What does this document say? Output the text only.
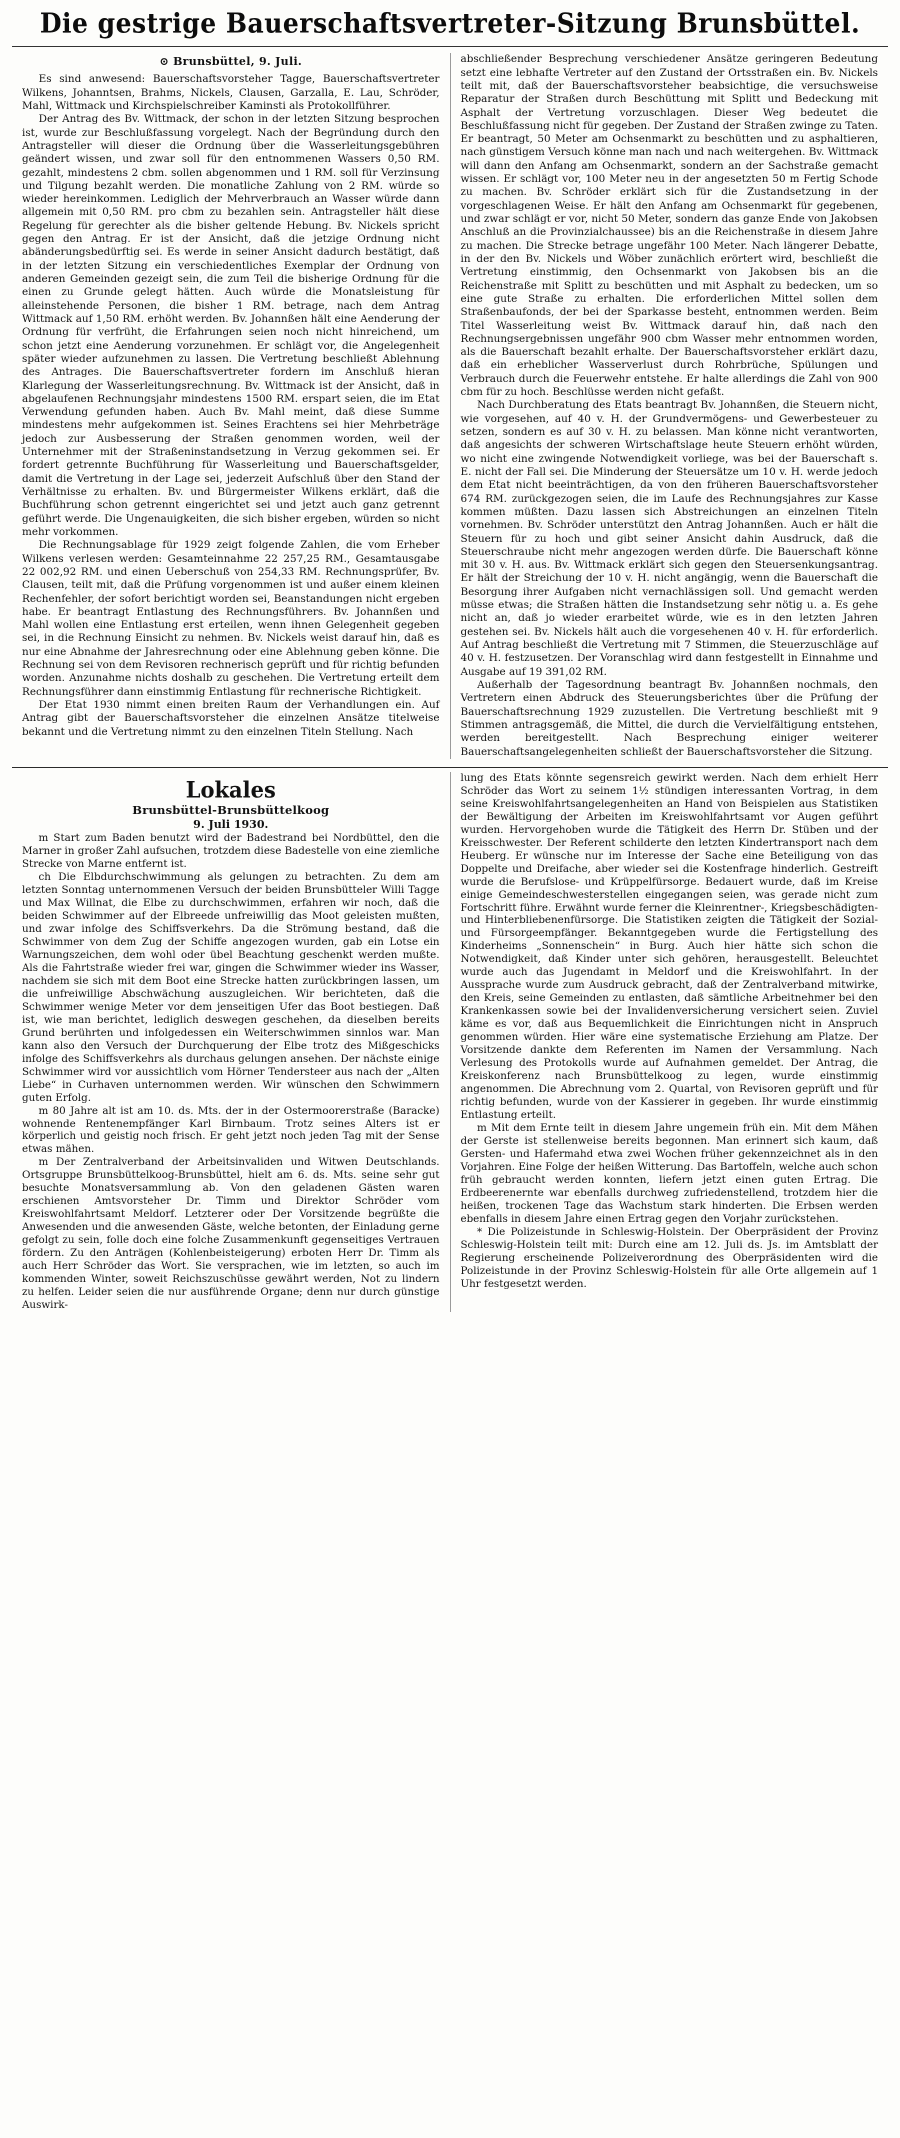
Die gestrige Bauerschaftsvertreter-Sitzung Brunsbüttel.
⊙ Brunsbüttel, 9. Juli.

Es sind anwesend: Bauerschaftsvorsteher Tagge, Bauerschaftsvertreter Wilkens, Johanntsen, Brahms, Nickels, Clausen, Garzalla, E. Lau, Schröder, Mahl, Wittmack und Kirchspielschreiber Kaminsti als Protokollführer.

Der Antrag des Bv. Wittmack, der schon in der letzten Sitzung besprochen ist, wurde zur Beschlußfassung vorgelegt. Nach der Begründung durch den Antragsteller will dieser die Ordnung über die Wasserleitungsgebühren geändert wissen, und zwar soll für den entnommenen Wassers 0,50 RM. gezahlt, mindestens 2 cbm. sollen abgenommen und 1 RM. soll für Verzinsung und Tilgung bezahlt werden. Die monatliche Zahlung von 2 RM. würde so wieder hereinkommen. Lediglich der Mehrverbrauch an Wasser würde dann allgemein mit 0,50 RM. pro cbm zu bezahlen sein. Antragsteller hält diese Regelung für gerechter als die bisher geltende Hebung. Bv. Nickels spricht gegen den Antrag. Er ist der Ansicht, daß die jetzige Ordnung nicht abänderungsbedürftig sei. Es werde in seiner Ansicht dadurch bestätigt, daß in der letzten Sitzung ein verschiedentliches Exemplar der Ordnung von anderen Gemeinden gezeigt sein, die zum Teil die bisherige Ordnung für die einen zu Grunde gelegt hätten. Auch würde die Monatsleistung für alleinstehende Personen, die bisher 1 RM. betrage, nach dem Antrag Wittmack auf 1,50 RM. erhöht werden. Bv. Johannßen hält eine Aenderung der Ordnung für verfrüht, die Erfahrungen seien noch nicht hinreichend, um schon jetzt eine Aenderung vorzunehmen. Er schlägt vor, die Angelegenheit später wieder aufzunehmen zu lassen. Die Vertretung beschließt Ablehnung des Antrages. Die Bauerschaftsvertreter fordern im Anschluß hieran Klarlegung der Wasserleitungsrechnung. Bv. Wittmack ist der Ansicht, daß in abgelaufenen Rechnungsjahr mindestens 1500 RM. erspart seien, die im Etat Verwendung gefunden haben. Auch Bv. Mahl meint, daß diese Summe mindestens mehr aufgekommen ist. Seines Erachtens sei hier Mehrbeträge jedoch zur Ausbesserung der Straßen genommen worden, weil der Unternehmer mit der Straßeninstandsetzung in Verzug gekommen sei. Er fordert getrennte Buchführung für Wasserleitung und Bauerschaftsgelder, damit die Vertretung in der Lage sei, jederzeit Aufschluß über den Stand der Verhältnisse zu erhalten. Bv. und Bürgermeister Wilkens erklärt, daß die Buchführung schon getrennt eingerichtet sei und jetzt auch ganz getrennt geführt werde. Die Ungenauigkeiten, die sich bisher ergeben, würden so nicht mehr vorkommen.

Die Rechnungsablage für 1929 zeigt folgende Zahlen, die vom Erheber Wilkens verlesen werden: Gesamteinnahme 22 257,25 RM., Gesamtausgabe 22 002,92 RM. und einen Ueberschuß von 254,33 RM. Rechnungsprüfer, Bv. Clausen, teilt mit, daß die Prüfung vorgenommen ist und außer einem kleinen Rechenfehler, der sofort berichtigt worden sei, Beanstandungen nicht ergeben habe. Er beantragt Entlastung des Rechnungsführers. Bv. Johannßen und Mahl wollen eine Entlastung erst erteilen, wenn ihnen Gelegenheit gegeben sei, in die Rechnung Einsicht zu nehmen. Bv. Nickels weist darauf hin, daß es nur eine Abnahme der Jahresrechnung oder eine Ablehnung geben könne. Die Rechnung sei von dem Revisoren rechnerisch geprüft und für richtig befunden worden. Anzunahme nichts doshalb zu geschehen. Die Vertretung erteilt dem Rechnungsführer dann einstimmig Entlastung für rechnerische Richtigkeit.

Der Etat 1930 nimmt einen breiten Raum der Verhandlungen ein. Auf Antrag gibt der Bauerschaftsvorsteher die einzelnen Ansätze titelweise bekannt und die Vertretung nimmt zu den einzelnen Titeln Stellung. Nach

abschließender Besprechung verschiedener Ansätze geringeren Bedeutung setzt eine lebhafte Vertreter auf den Zustand der Ortsstraßen ein. Bv. Nickels teilt mit, daß der Bauerschaftsvorsteher beabsichtige, die versuchsweise Reparatur der Straßen durch Beschüttung mit Splitt und Bedeckung mit Asphalt der Vertretung vorzuschlagen. Dieser Weg bedeutet die Beschlußfassung nicht für gegeben. Der Zustand der Straßen zwinge zu Taten. Er beantragt, 50 Meter am Ochsenmarkt zu beschütten und zu asphaltieren, nach günstigem Versuch könne man nach und nach weitergehen. Bv. Wittmack will dann den Anfang am Ochsenmarkt, sondern an der Sachstraße gemacht wissen. Er schlägt vor, 100 Meter neu in der angesetzten 50 m Fertig Schode zu machen. Bv. Schröder erklärt sich für die Zustandsetzung in der vorgeschlagenen Weise. Er hält den Anfang am Ochsenmarkt für gegebenen, und zwar schlägt er vor, nicht 50 Meter, sondern das ganze Ende von Jakobsen Anschluß an die Provinzialchaussee) bis an die Reichenstraße in diesem Jahre zu machen. Die Strecke betrage ungefähr 100 Meter. Nach längerer Debatte, in der den Bv. Nickels und Wöber zunächlich erörtert wird, beschließt die Vertretung einstimmig, den Ochsenmarkt von Jakobsen bis an die Reichenstraße mit Splitt zu beschütten und mit Asphalt zu bedecken, um so eine gute Straße zu erhalten. Die erforderlichen Mittel sollen dem Straßenbaufonds, der bei der Sparkasse besteht, entnommen werden. Beim Titel Wasserleitung weist Bv. Wittmack darauf hin, daß nach den Rechnungsergebnissen ungefähr 900 cbm Wasser mehr entnommen worden, als die Bauerschaft bezahlt erhalte. Der Bauerschaftsvorsteher erklärt dazu, daß ein erheblicher Wasserverlust durch Rohrbrüche, Spülungen und Verbrauch durch die Feuerwehr entstehe. Er halte allerdings die Zahl von 900 cbm für zu hoch. Beschlüsse werden nicht gefaßt.

Nach Durchberatung des Etats beantragt Bv. Johannßen, die Steuern nicht, wie vorgesehen, auf 40 v. H. der Grundvermögens- und Gewerbesteuer zu setzen, sondern es auf 30 v. H. zu belassen. Man könne nicht verantworten, daß angesichts der schweren Wirtschaftslage heute Steuern erhöht würden, wo nicht eine zwingende Notwendigkeit vorliege, was bei der Bauerschaft s. E. nicht der Fall sei. Die Minderung der Steuersätze um 10 v. H. werde jedoch dem Etat nicht beeinträchtigen, da von den früheren Bauerschaftsvorsteher 674 RM. zurückgezogen seien, die im Laufe des Rechnungsjahres zur Kasse kommen müßten. Dazu lassen sich Abstreichungen an einzelnen Titeln vornehmen. Bv. Schröder unterstützt den Antrag Johannßen. Auch er hält die Steuern für zu hoch und gibt seiner Ansicht dahin Ausdruck, daß die Steuerschraube nicht mehr angezogen werden dürfe. Die Bauerschaft könne mit 30 v. H. aus. Bv. Wittmack erklärt sich gegen den Steuersenkungsantrag. Er hält der Streichung der 10 v. H. nicht angängig, wenn die Bauerschaft die Besorgung ihrer Aufgaben nicht vernachlässigen soll. Und gemacht werden müsse etwas; die Straßen hätten die Instandsetzung sehr nötig u. a. Es gehe nicht an, daß jo wieder erarbeitet würde, wie es in den letzten Jahren gestehen sei. Bv. Nickels hält auch die vorgesehenen 40 v. H. für erforderlich. Auf Antrag beschließt die Vertretung mit 7 Stimmen, die Steuerzuschläge auf 40 v. H. festzusetzen. Der Voranschlag wird dann festgestellt in Einnahme und Ausgabe auf 19 391,02 RM.

Außerhalb der Tagesordnung beantragt Bv. Johannßen nochmals, den Vertretern einen Abdruck des Steuerungsberichtes über die Prüfung der Bauerschaftsrechnung 1929 zuzustellen. Die Vertretung beschließt mit 9 Stimmen antragsgemäß, die Mittel, die durch die Vervielfältigung entstehen, werden bereitgestellt. Nach Besprechung einiger weiterer Bauerschaftsangelegenheiten schließt der Bauerschaftsvorsteher die Sitzung.

Lokales
Brunsbüttel-Brunsbüttelkoog
9. Juli 1930.

m Start zum Baden benutzt wird der Badestrand bei Nordbüttel, den die Marner in großer Zahl aufsuchen, trotzdem diese Badestelle von eine ziemliche Strecke von Marne entfernt ist.

ch Die Elbdurchschwimmung als gelungen zu betrachten. Zu dem am letzten Sonntag unternommenen Versuch der beiden Brunsbütteler Willi Tagge und Max Willnat, die Elbe zu durchschwimmen, erfahren wir noch, daß die beiden Schwimmer auf der Elbreede unfreiwillig das Moot geleisten mußten, und zwar infolge des Schiffsverkehrs. Da die Strömung bestand, daß die Schwimmer von dem Zug der Schiffe angezogen wurden, gab ein Lotse ein Warnungszeichen, dem wohl oder übel Beachtung geschenkt werden mußte. Als die Fahrtstraße wieder frei war, gingen die Schwimmer wieder ins Wasser, nachdem sie sich mit dem Boot eine Strecke hatten zurückbringen lassen, um die unfreiwillige Abschwächung auszugleichen. Wir berichteten, daß die Schwimmer wenige Meter vor dem jenseitigen Ufer das Boot bestiegen. Daß ist, wie man berichtet, lediglich deswegen geschehen, da dieselben bereits Grund berührten und infolgedessen ein Weiterschwimmen sinnlos war. Man kann also den Versuch der Durchquerung der Elbe trotz des Mißgeschicks infolge des Schiffsverkehrs als durchaus gelungen ansehen. Der nächste einige Schwimmer wird vor aussichtlich vom Hörner Tendersteer aus nach der „Alten Liebe“ in Curhaven unternommen werden. Wir wünschen den Schwimmern guten Erfolg.

m 80 Jahre alt ist am 10. ds. Mts. der in der Ostermoorerstraße (Baracke) wohnende Rentenempfänger Karl Birnbaum. Trotz seines Alters ist er körperlich und geistig noch frisch. Er geht jetzt noch jeden Tag mit der Sense etwas mähen.

m Der Zentralverband der Arbeitsinvaliden und Witwen Deutschlands. Ortsgruppe Brunsbüttelkoog-Brunsbüttel, hielt am 6. ds. Mts. seine sehr gut besuchte Monatsversammlung ab. Von den geladenen Gästen waren erschienen Amtsvorsteher Dr. Timm und Direktor Schröder vom Kreiswohlfahrtsamt Meldorf. Letzterer oder Der Vorsitzende begrüßte die Anwesenden und die anwesenden Gäste, welche betonten, der Einladung gerne gefolgt zu sein, folle doch eine folche Zusammenkunft gegenseitiges Vertrauen fördern. Zu den Anträgen (Kohlenbeisteigerung) erboten Herr Dr. Timm als auch Herr Schröder das Wort. Sie versprachen, wie im letzten, so auch im kommenden Winter, soweit Reichszuschüsse gewährt werden, Not zu lindern zu helfen. Leider seien die nur ausführende Organe; denn nur durch günstige Auswirk-

lung des Etats könnte segensreich gewirkt werden. Nach dem erhielt Herr Schröder das Wort zu seinem 1½ stündigen interessanten Vortrag, in dem seine Kreiswohlfahrtsangelegenheiten an Hand von Beispielen aus Statistiken der Bewältigung der Arbeiten im Kreiswohlfahrtsamt vor Augen geführt wurden. Hervorgehoben wurde die Tätigkeit des Herrn Dr. Stüben und der Kreisschwester. Der Referent schilderte den letzten Kindertransport nach dem Heuberg. Er wünsche nur im Interesse der Sache eine Beteiligung von das Doppelte und Dreifache, aber wieder sei die Kostenfrage hinderlich. Gestreift wurde die Berufslose- und Krüppelfürsorge. Bedauert wurde, daß im Kreise einige Gemeindeschwesterstellen eingegangen seien, was gerade nicht zum Fortschritt führe. Erwähnt wurde ferner die Kleinrentner-, Kriegsbeschädigten- und Hinterbliebenenfürsorge. Die Statistiken zeigten die Tätigkeit der Sozial- und Fürsorgeempfänger. Bekanntgegeben wurde die Fertigstellung des Kinderheims „Sonnenschein“ in Burg. Auch hier hätte sich schon die Notwendigkeit, daß Kinder unter sich gehören, herausgestellt. Beleuchtet wurde auch das Jugendamt in Meldorf und die Kreiswohlfahrt. In der Aussprache wurde zum Ausdruck gebracht, daß der Zentralverband mitwirke, den Kreis, seine Gemeinden zu entlasten, daß sämtliche Arbeitnehmer bei den Krankenkassen sowie bei der Invalidenversicherung versichert seien. Zuviel käme es vor, daß aus Bequemlichkeit die Einrichtungen nicht in Anspruch genommen würden. Hier wäre eine systematische Erziehung am Platze. Der Vorsitzende dankte dem Referenten im Namen der Versammlung. Nach Verlesung des Protokolls wurde auf Aufnahmen gemeldet. Der Antrag, die Kreiskonferenz nach Brunsbüttelkoog zu legen, wurde einstimmig angenommen. Die Abrechnung vom 2. Quartal, von Revisoren geprüft und für richtig befunden, wurde von der Kassierer in gegeben. Ihr wurde einstimmig Entlastung erteilt.

m Mit dem Ernte teilt in diesem Jahre ungemein früh ein. Mit dem Mähen der Gerste ist stellenweise bereits begonnen. Man erinnert sich kaum, daß Gersten- und Hafermahd etwa zwei Wochen früher gekennzeichnet als in den Vorjahren. Eine Folge der heißen Witterung. Das Bartoffeln, welche auch schon früh gebraucht werden konnten, liefern jetzt einen guten Ertrag. Die Erdbeerenernte war ebenfalls durchweg zufriedenstellend, trotzdem hier die heißen, trockenen Tage das Wachstum stark hinderten. Die Erbsen werden ebenfalls in diesem Jahre einen Ertrag gegen den Vorjahr zurückstehen.

* Die Polizeistunde in Schleswig-Holstein. Der Oberpräsident der Provinz Schleswig-Holstein teilt mit: Durch eine am 12. Juli ds. Js. im Amtsblatt der Regierung erscheinende Polizeiverordnung des Oberpräsidenten wird die Polizeistunde in der Provinz Schleswig-Holstein für alle Orte allgemein auf 1 Uhr festgesetzt werden.
